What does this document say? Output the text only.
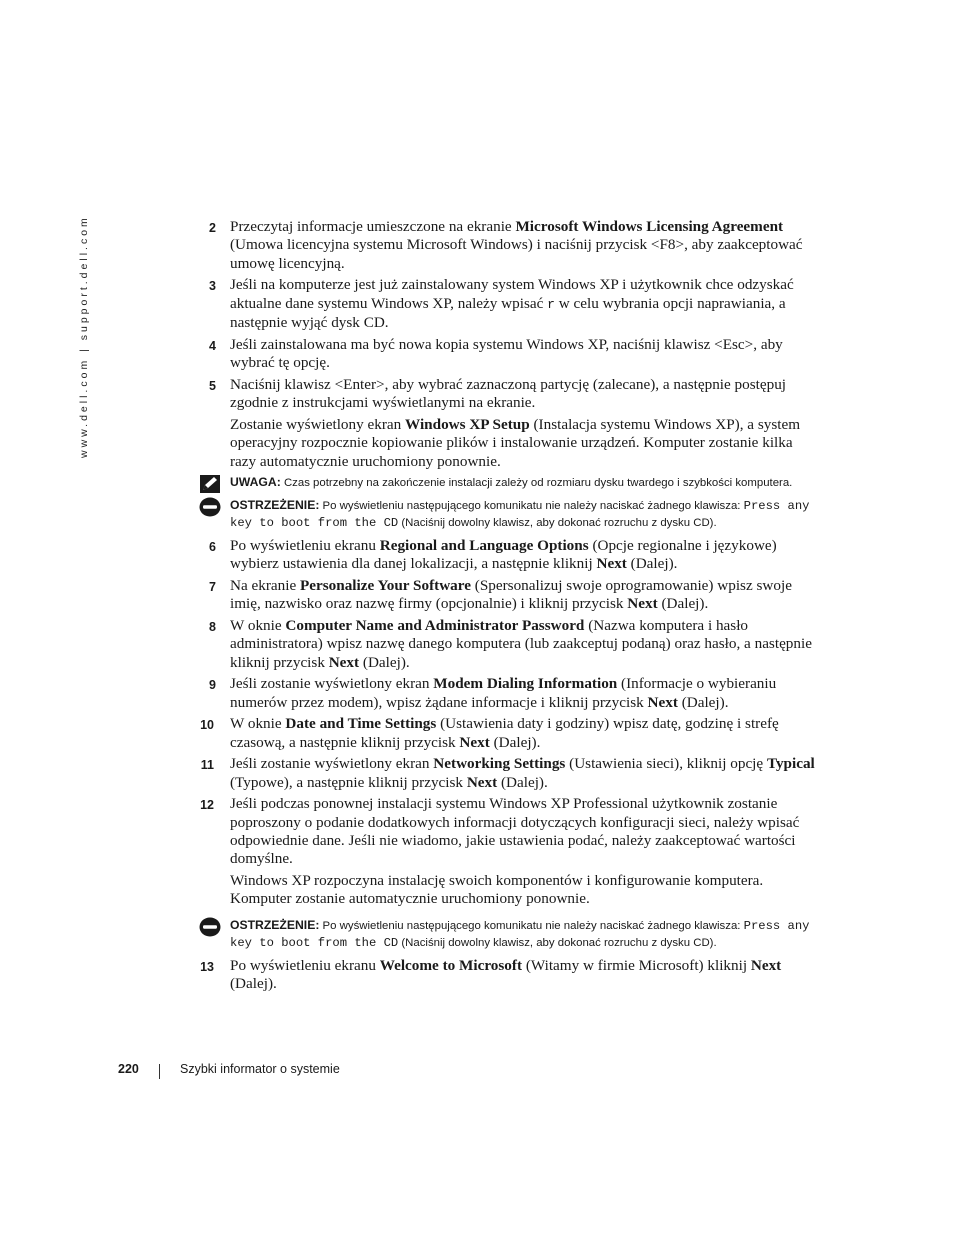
www.dell.com | support.dell.com	2 Przeczytaj informacje umieszczone na ekranie Microsoft Windows Licensing Agreement (Umowa licencyjna systemu Microsoft Windows) i naciśnij przycisk <F8>, aby zaakceptować umowę licencyjną.
3 Jeśli na komputerze jest już zainstalowany system Windows XP i użytkownik chce odzyskać aktualne dane systemu Windows XP, należy wpisać r w celu wybrania opcji naprawiania, a następnie wyjąć dysk CD.
4 Jeśli zainstalowana ma być nowa kopia systemu Windows XP, naciśnij klawisz <Esc>, aby wybrać tę opcję.
5 Naciśnij klawisz <Enter>, aby wybrać zaznaczoną partycję (zalecane), a następnie postępuj zgodnie z instrukcjami wyświetlanymi na ekranie.
Zostanie wyświetlony ekran Windows XP Setup (Instalacja systemu Windows XP), a system operacyjny rozpocznie kopiowanie plików i instalowanie urządzeń. Komputer zostanie kilka razy automatycznie uruchomiony ponownie.
UWAGA: Czas potrzebny na zakończenie instalacji zależy od rozmiaru dysku twardego i szybkości komputera.
OSTRZEŻENIE: Po wyświetleniu następującego komunikatu nie należy naciskać żadnego klawisza: Press any key to boot from the CD (Naciśnij dowolny klawisz, aby dokonać rozruchu z dysku CD).
6 Po wyświetleniu ekranu Regional and Language Options (Opcje regionalne i językowe) wybierz ustawienia dla danej lokalizacji, a następnie kliknij Next (Dalej).
7 Na ekranie Personalize Your Software (Spersonalizuj swoje oprogramowanie) wpisz swoje imię, nazwisko oraz nazwę firmy (opcjonalnie) i kliknij przycisk Next (Dalej).
8 W oknie Computer Name and Administrator Password (Nazwa komputera i hasło administratora) wpisz nazwę danego komputera (lub zaakceptuj podaną) oraz hasło, a następnie kliknij przycisk Next (Dalej).
9 Jeśli zostanie wyświetlony ekran Modem Dialing Information (Informacje o wybieraniu numerów przez modem), wpisz żądane informacje i kliknij przycisk Next (Dalej).
10 W oknie Date and Time Settings (Ustawienia daty i godziny) wpisz datę, godzinę i strefę czasową, a następnie kliknij przycisk Next (Dalej).
11 Jeśli zostanie wyświetlony ekran Networking Settings (Ustawienia sieci), kliknij opcję Typical (Typowe), a następnie kliknij przycisk Next (Dalej).
12 Jeśli podczas ponownej instalacji systemu Windows XP Professional użytkownik zostanie poproszony o podanie dodatkowych informacji dotyczących konfiguracji sieci, należy wpisać odpowiednie dane. Jeśli nie wiadomo, jakie ustawienia podać, należy zaakceptować wartości domyślne.
Windows XP rozpoczyna instalację swoich komponentów i konfigurowanie komputera. Komputer zostanie automatycznie uruchomiony ponownie.
OSTRZEŻENIE: Po wyświetleniu następującego komunikatu nie należy naciskać żadnego klawisza: Press any key to boot from the CD (Naciśnij dowolny klawisz, aby dokonać rozruchu z dysku CD).
13 Po wyświetleniu ekranu Welcome to Microsoft (Witamy w firmie Microsoft) kliknij Next (Dalej).
220	Szybki informator o systemie
